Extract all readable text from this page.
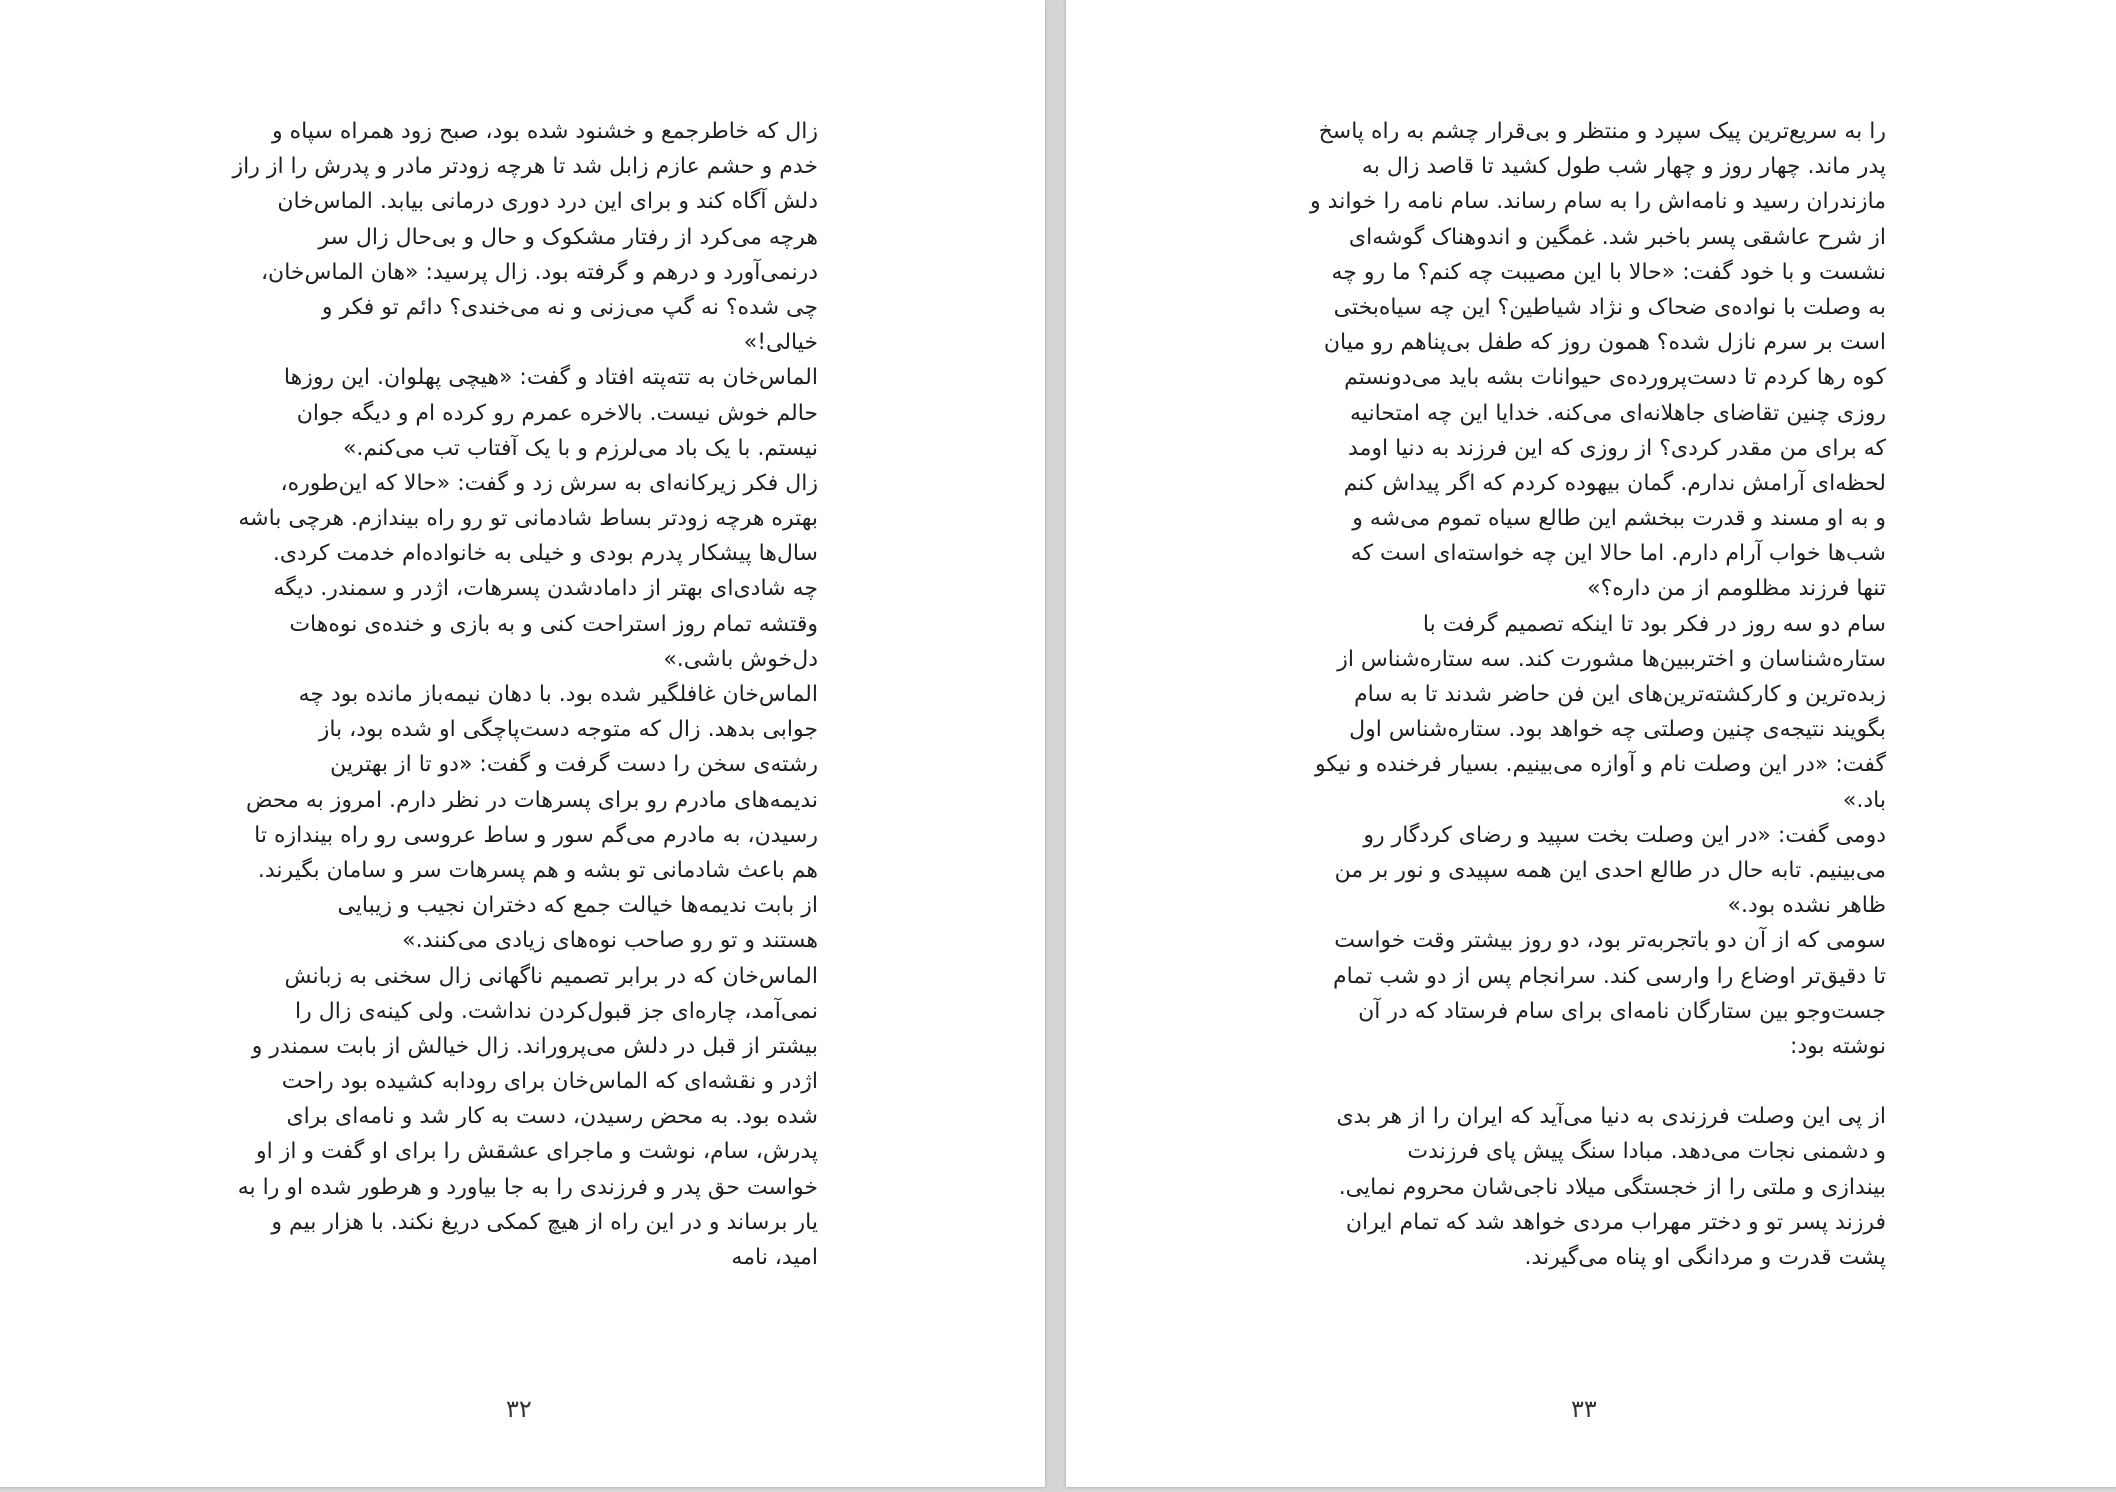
زال که خاطرجمع و خشنود شده بود، صبح زود همراه سپاه و
خدم و حشم عازم زابل شد تا هرچه زودتر مادر و پدرش را از راز
دلش آگاه کند و برای این درد دوری درمانی بیابد. الماس‌خان
هرچه می‌کرد از رفتار مشکوک و حال و بی‌حال زال سر
درنمی‌آورد و درهم و گرفته بود. زال پرسید: «هان الماس‌خان،
چی شده؟ نه گپ می‌زنی و نه می‌خندی؟ دائم تو فکر و
خیالی!»
الماس‌خان به تته‌پته افتاد و گفت: «هیچی پهلوان. این روزها
حالم خوش نیست. بالاخره عمرم رو کرده ام و دیگه جوان
نیستم. با یک باد می‌لرزم و با یک آفتاب تب می‌کنم.»
زال فکر زیرکانه‌ای به سرش زد و گفت: «حالا که این‌طوره،
بهتره هرچه زودتر بساط شادمانی تو رو راه بیندازم. هرچی باشه
سال‌ها پیشکار پدرم بودی و خیلی به خانواده‌ام خدمت کردی.
چه شادی‌ای بهتر از دامادشدن پسرهات، اژدر و سمندر. دیگه
وقتشه تمام روز استراحت کنی و به بازی و خنده‌ی نوه‌هات
دل‌خوش باشی.»
الماس‌خان غافلگیر شده بود. با دهان نیمه‌باز مانده بود چه
جوابی بدهد. زال که متوجه دست‌پاچگی او شده بود، باز
رشته‌ی سخن را دست گرفت و گفت: «دو تا از بهترین
ندیمه‌های مادرم رو برای پسرهات در نظر دارم. امروز به محض
رسیدن، به مادرم می‌گم سور و ساط عروسی رو راه بیندازه تا
هم باعث شادمانی تو بشه و هم پسرهات سر و سامان بگیرند.
از بابت ندیمه‌ها خیالت جمع که دختران نجیب و زیبایی
هستند و تو رو صاحب نوه‌های زیادی می‌کنند.»
الماس‌خان که در برابر تصمیم ناگهانی زال سخنی به زبانش
نمی‌آمد، چاره‌ای جز قبول‌کردن نداشت. ولی کینه‌ی زال را
بیشتر از قبل در دلش می‌پروراند. زال خیالش از بابت سمندر و
اژدر و نقشه‌ای که الماس‌خان برای رودابه کشیده بود راحت
شده بود. به محض رسیدن، دست به کار شد و نامه‌ای برای
پدرش، سام، نوشت و ماجرای عشقش را برای او گفت و از او
خواست حق پدر و فرزندی را به جا بیاورد و هرطور شده او را به
یار برساند و در این راه از هیچ کمکی دریغ نکند. با هزار بیم و
امید، نامه
۳۲
را به سریع‌ترین پیک سپرد و منتظر و بی‌قرار چشم به راه پاسخ
پدر ماند. چهار روز و چهار شب طول کشید تا قاصد زال به
مازندران رسید و نامه‌اش را به سام رساند. سام نامه را خواند و
از شرح عاشقی پسر باخبر شد. غمگین و اندوهناک گوشه‌ای
نشست و با خود گفت: «حالا با این مصیبت چه کنم؟ ما رو چه
به وصلت با نواده‌ی ضحاک و نژاد شیاطین؟ این چه سیاه‌بختی
است بر سرم نازل شده؟ همون روز که طفل بی‌پناهم رو میان
کوه رها کردم تا دست‌پرورده‌ی حیوانات بشه باید می‌دونستم
روزی چنین تقاضای جاهلانه‌ای می‌کنه. خدایا این چه امتحانیه
که برای من مقدر کردی؟ از روزی که این فرزند به دنیا اومد
لحظه‌ای آرامش ندارم. گمان بیهوده کردم که اگر پیداش کنم
و به او مسند و قدرت ببخشم این طالع سیاه تموم می‌شه و
شب‌ها خواب آرام دارم. اما حالا این چه خواسته‌ای است که
تنها فرزند مظلومم از من داره؟»
سام دو سه روز در فکر بود تا اینکه تصمیم گرفت با
ستاره‌شناسان و اخترببین‌ها مشورت کند. سه ستاره‌شناس از
زبده‌ترین و کارکشته‌ترین‌های این فن حاضر شدند تا به سام
بگویند نتیجه‌ی چنین وصلتی چه خواهد بود. ستاره‌شناس اول
گفت: «در این وصلت نام و آوازه می‌بینیم. بسیار فرخنده و نیکو
باد.»
دومی گفت: «در این وصلت بخت سپید و رضای کردگار رو
می‌بینیم. تابه حال در طالع احدی این همه سپیدی و نور بر من
ظاهر نشده بود.»
سومی که از آن دو باتجربه‌تر بود، دو روز بیشتر وقت خواست
تا دقیق‌تر اوضاع را وارسی کند. سرانجام پس از دو شب تمام
جست‌وجو بین ستارگان نامه‌ای برای سام فرستاد که در آن
نوشته بود:
از پی این وصلت فرزندی به دنیا می‌آید که ایران را از هر بدی
و دشمنی نجات می‌دهد. مبادا سنگ پیش پای فرزندت
بیندازی و ملتی را از خجستگی میلاد ناجی‌شان محروم نمایی.
فرزند پسر تو و دختر مهراب مردی خواهد شد که تمام ایران
پشت قدرت و مردانگی او پناه می‌گیرند.
۳۳
